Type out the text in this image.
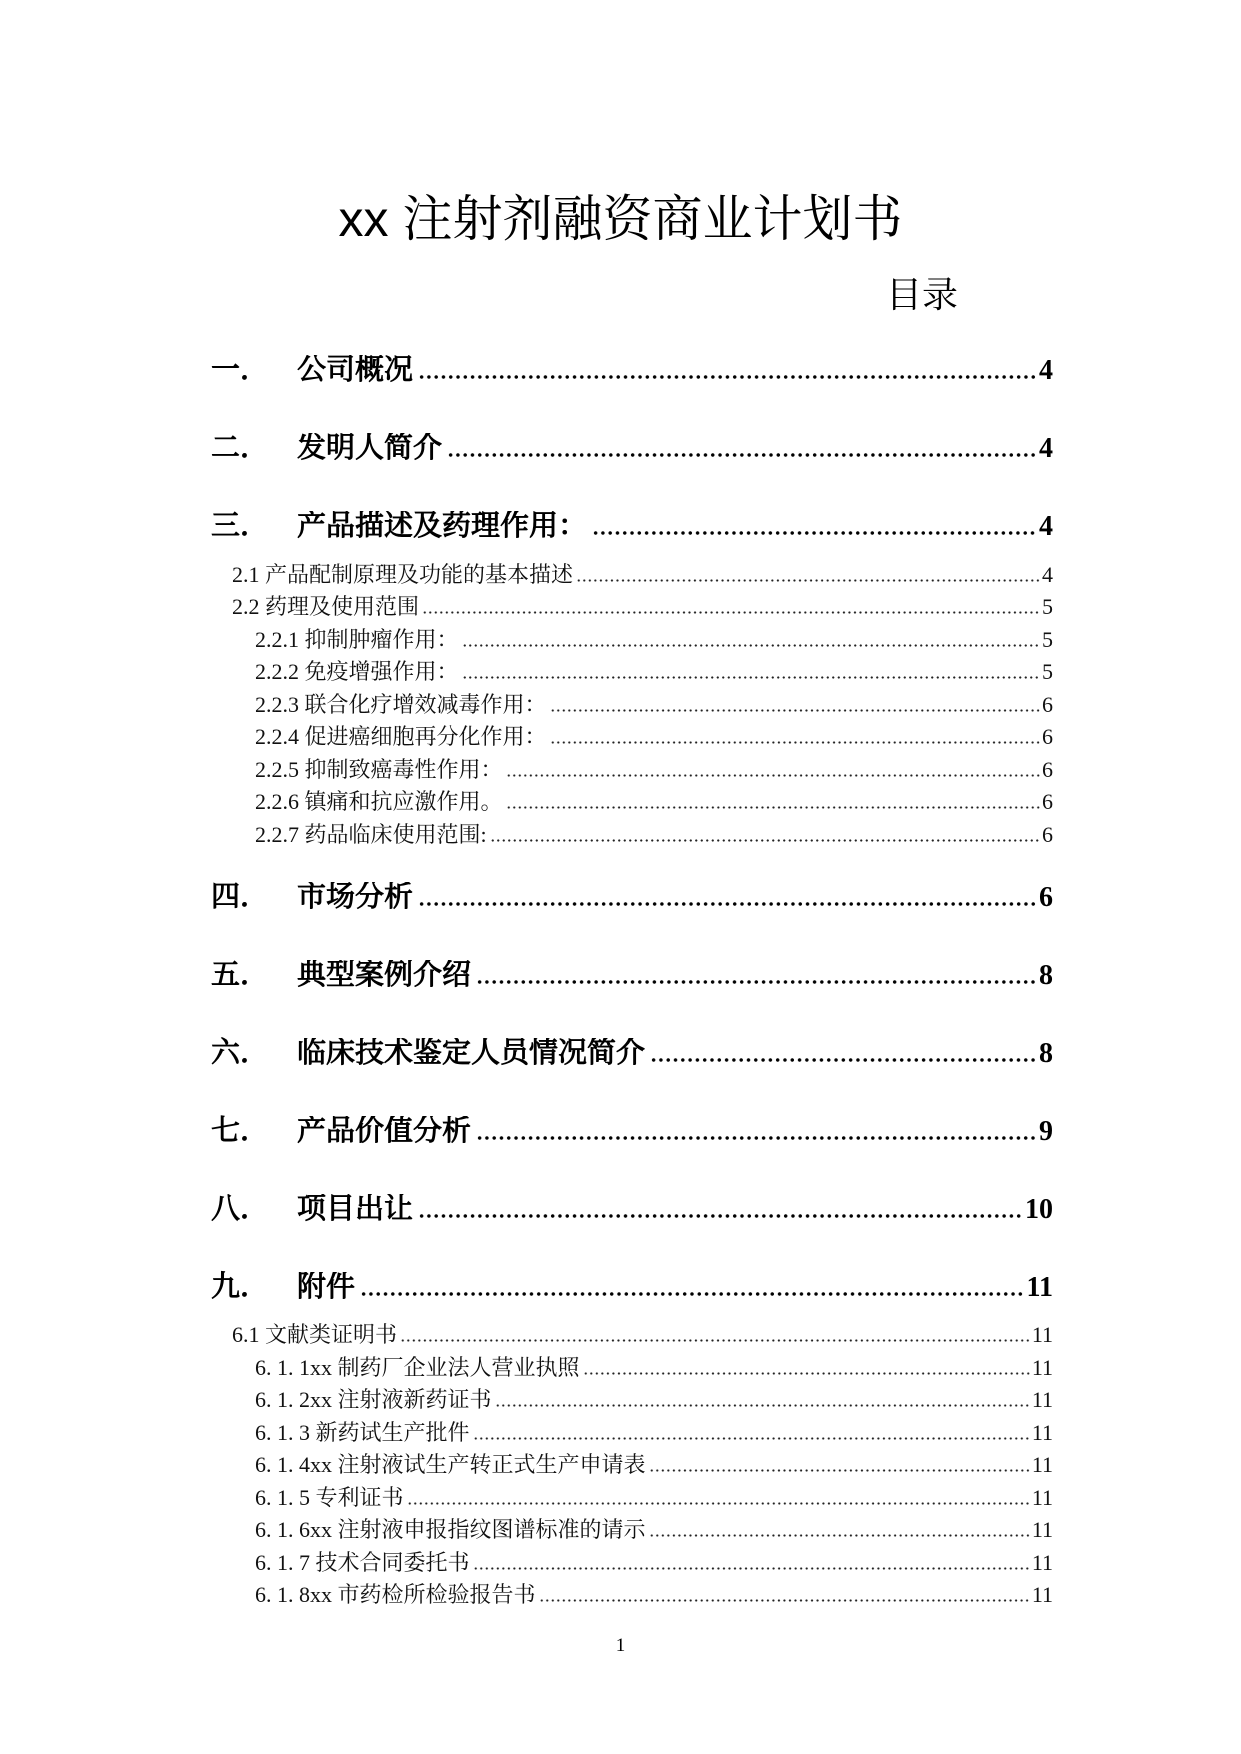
xx 注射剂融资商业计划书
目录
一． 公司概况	4
二． 发明人简介	4
三． 产品描述及药理作用：	4
2.1 产品配制原理及功能的基本描述	4
2.2 药理及使用范围	5
2.2.1 抑制肿瘤作用：	5
2.2.2 免疫增强作用：	5
2.2.3 联合化疗增效减毒作用：	6
2.2.4 促进癌细胞再分化作用：	6
2.2.5 抑制致癌毒性作用：	6
2.2.6 镇痛和抗应激作用。	6
2.2.7 药品临床使用范围:	6
四． 市场分析	6
五． 典型案例介绍	8
六． 临床技术鉴定人员情况简介	8
七． 产品价值分析	9
八． 项目出让	10
九． 附件	11
6.1 文献类证明书	11
6. 1. 1xx 制药厂企业法人营业执照	11
6. 1. 2xx 注射液新药证书	11
6. 1. 3 新药试生产批件	11
6. 1. 4xx 注射液试生产转正式生产申请表	11
6. 1. 5 专利证书	11
6. 1. 6xx 注射液申报指纹图谱标准的请示	11
6. 1. 7 技术合同委托书	11
6. 1. 8xx 市药检所检验报告书	11
1
